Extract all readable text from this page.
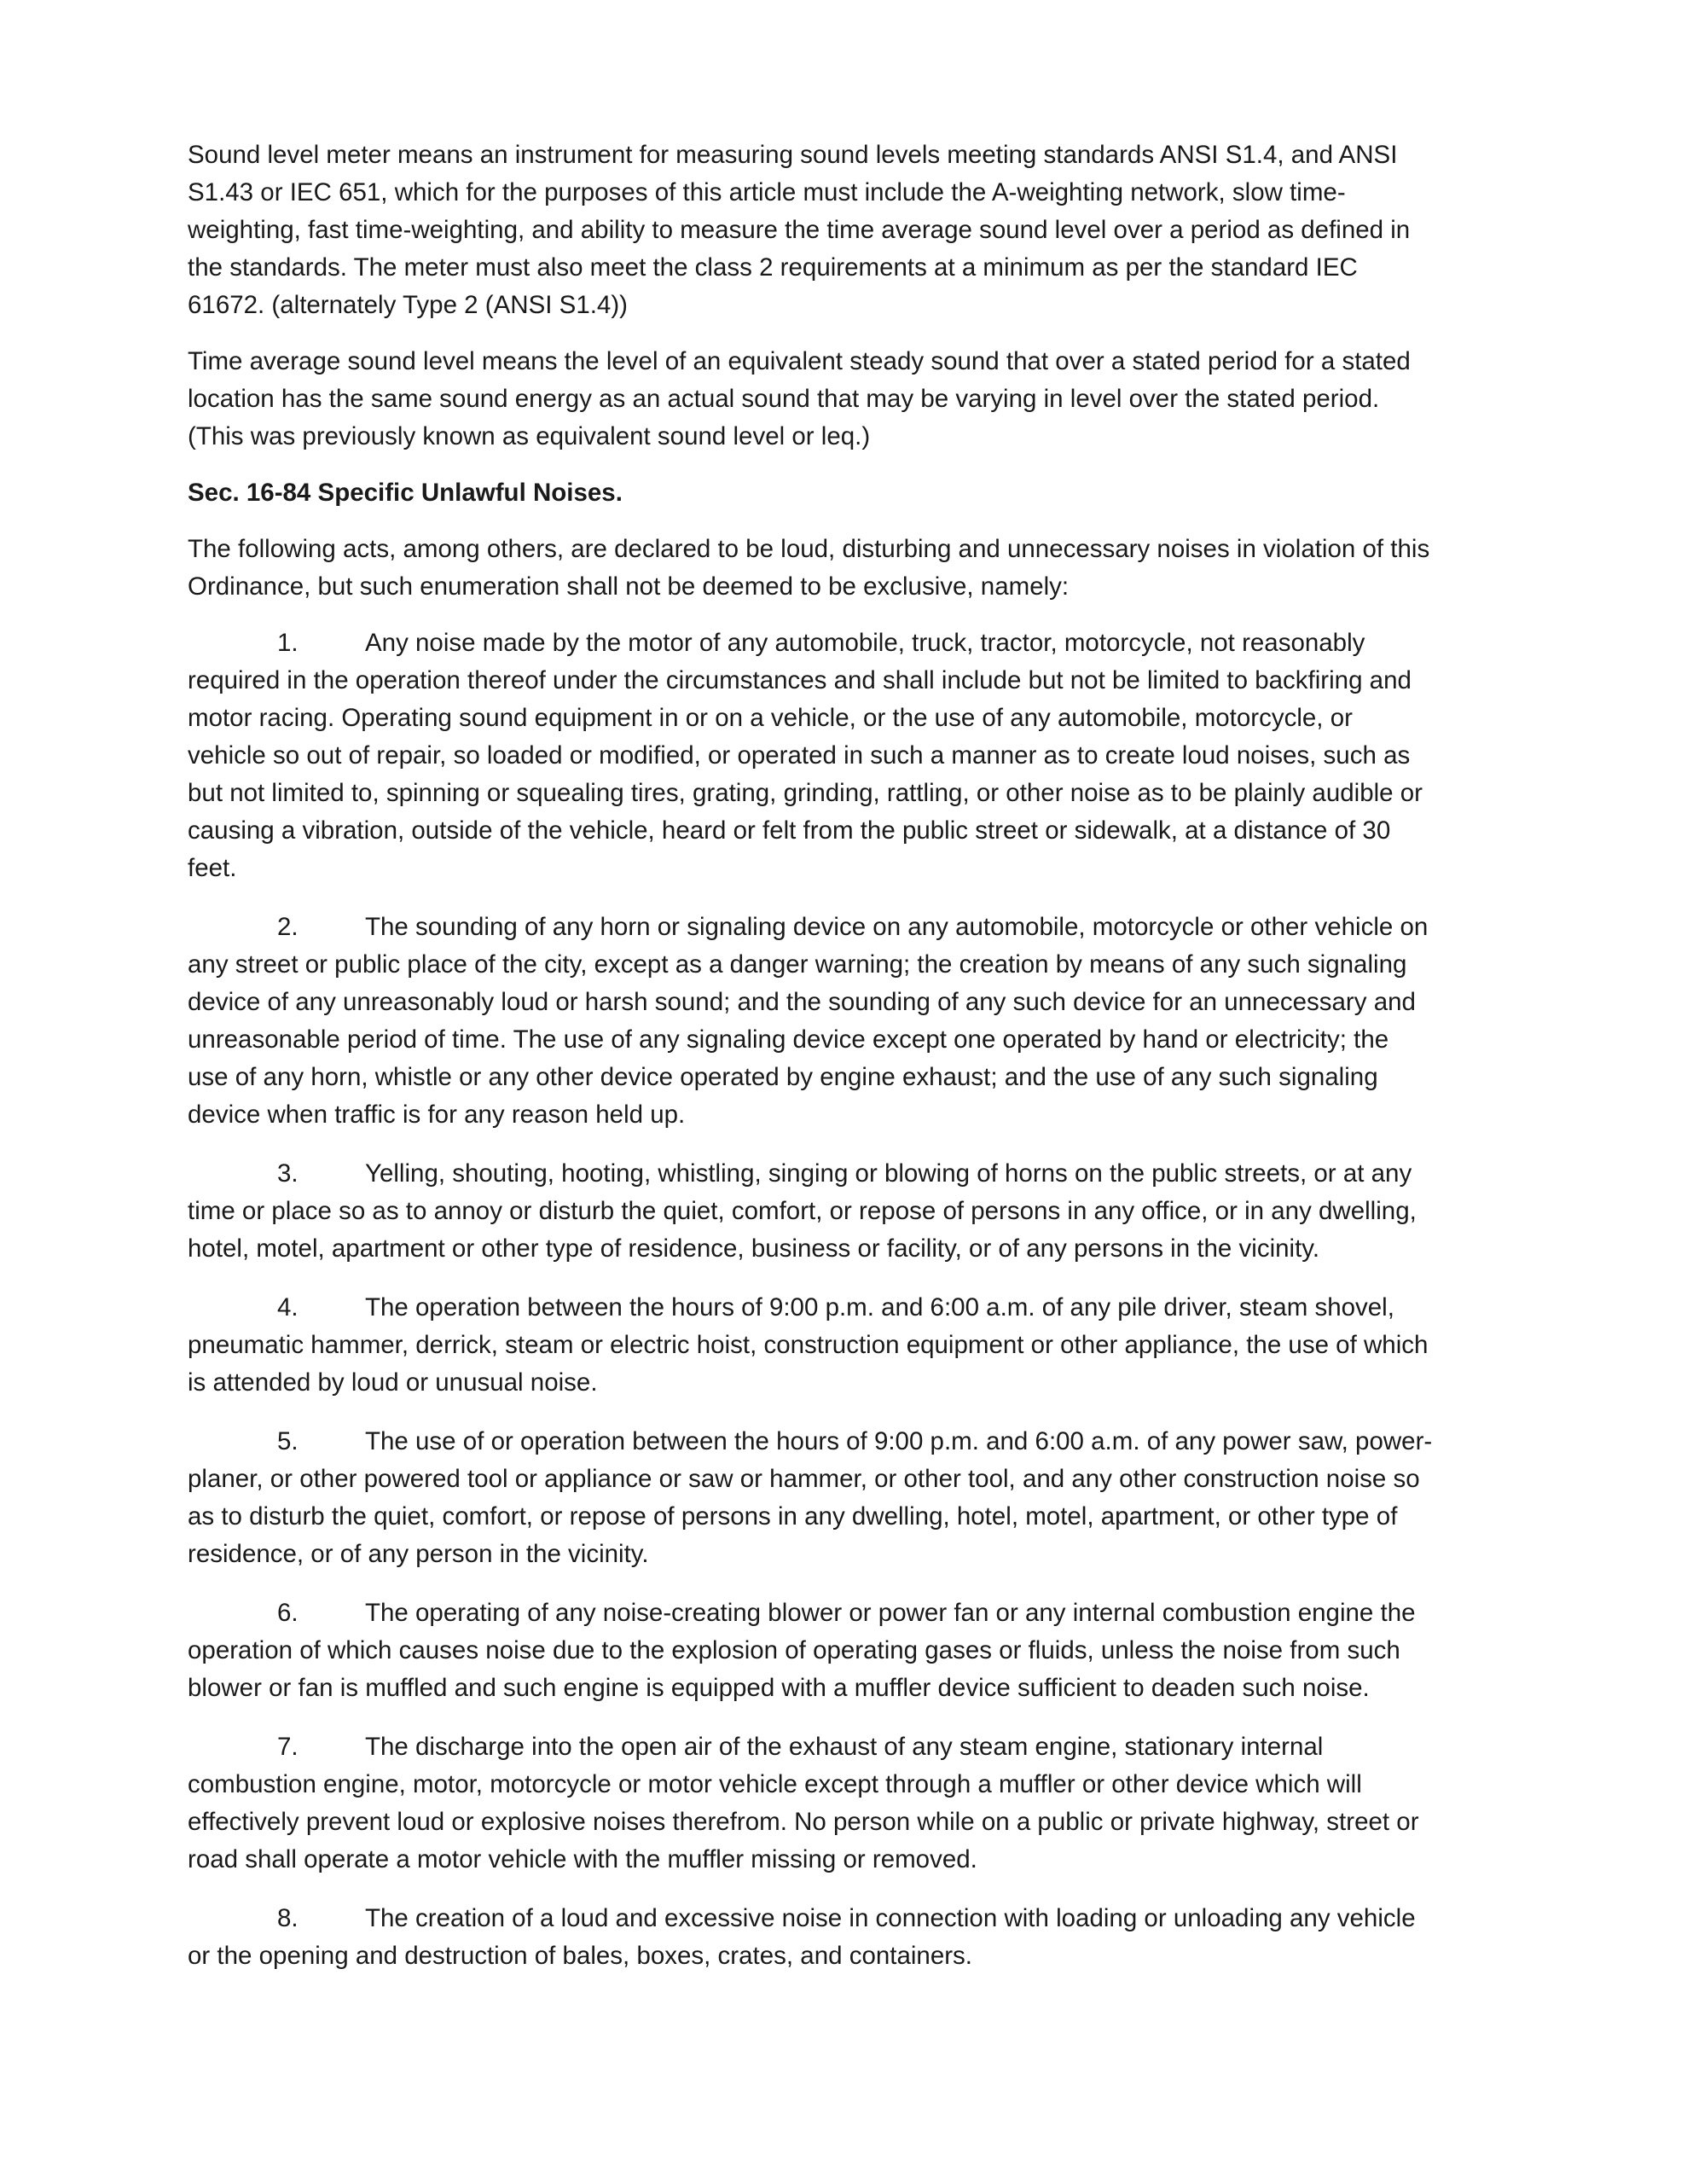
Sound level meter means an instrument for measuring sound levels meeting standards ANSI S1.4, and ANSI S1.43 or IEC 651, which for the purposes of this article must include the A-weighting network, slow time-weighting, fast time-weighting, and ability to measure the time average sound level over a period as defined in the standards. The meter must also meet the class 2 requirements at a minimum as per the standard IEC 61672. (alternately Type 2 (ANSI S1.4))

Time average sound level means the level of an equivalent steady sound that over a stated period for a stated location has the same sound energy as an actual sound that may be varying in level over the stated period. (This was previously known as equivalent sound level or leq.)

Sec. 16-84 Specific Unlawful Noises.

The following acts, among others, are declared to be loud, disturbing and unnecessary noises in violation of this Ordinance, but such enumeration shall not be deemed to be exclusive, namely:

1.	Any noise made by the motor of any automobile, truck, tractor, motorcycle, not reasonably required in the operation thereof under the circumstances and shall include but not be limited to backfiring and motor racing. Operating sound equipment in or on a vehicle, or the use of any automobile, motorcycle, or vehicle so out of repair, so loaded or modified, or operated in such a manner as to create loud noises, such as but not limited to, spinning or squealing tires, grating, grinding, rattling, or other noise as to be plainly audible or causing a vibration, outside of the vehicle, heard or felt from the public street or sidewalk, at a distance of 30 feet.

2.	The sounding of any horn or signaling device on any automobile, motorcycle or other vehicle on any street or public place of the city, except as a danger warning; the creation by means of any such signaling device of any unreasonably loud or harsh sound; and the sounding of any such device for an unnecessary and unreasonable period of time. The use of any signaling device except one operated by hand or electricity; the use of any horn, whistle or any other device operated by engine exhaust; and the use of any such signaling device when traffic is for any reason held up.

3.	Yelling, shouting, hooting, whistling, singing or blowing of horns on the public streets, or at any time or place so as to annoy or disturb the quiet, comfort, or repose of persons in any office, or in any dwelling, hotel, motel, apartment or other type of residence, business or facility, or of any persons in the vicinity.

4.	The operation between the hours of 9:00 p.m. and 6:00 a.m. of any pile driver, steam shovel, pneumatic hammer, derrick, steam or electric hoist, construction equipment or other appliance, the use of which is attended by loud or unusual noise.

5.	The use of or operation between the hours of 9:00 p.m. and 6:00 a.m. of any power saw, power-planer, or other powered tool or appliance or saw or hammer, or other tool, and any other construction noise so as to disturb the quiet, comfort, or repose of persons in any dwelling, hotel, motel, apartment, or other type of residence, or of any person in the vicinity.

6.	The operating of any noise-creating blower or power fan or any internal combustion engine the operation of which causes noise due to the explosion of operating gases or fluids, unless the noise from such blower or fan is muffled and such engine is equipped with a muffler device sufficient to deaden such noise.

7.	The discharge into the open air of the exhaust of any steam engine, stationary internal combustion engine, motor, motorcycle or motor vehicle except through a muffler or other device which will effectively prevent loud or explosive noises therefrom. No person while on a public or private highway, street or road shall operate a motor vehicle with the muffler missing or removed.

8.	The creation of a loud and excessive noise in connection with loading or unloading any vehicle or the opening and destruction of bales, boxes, crates, and containers.
